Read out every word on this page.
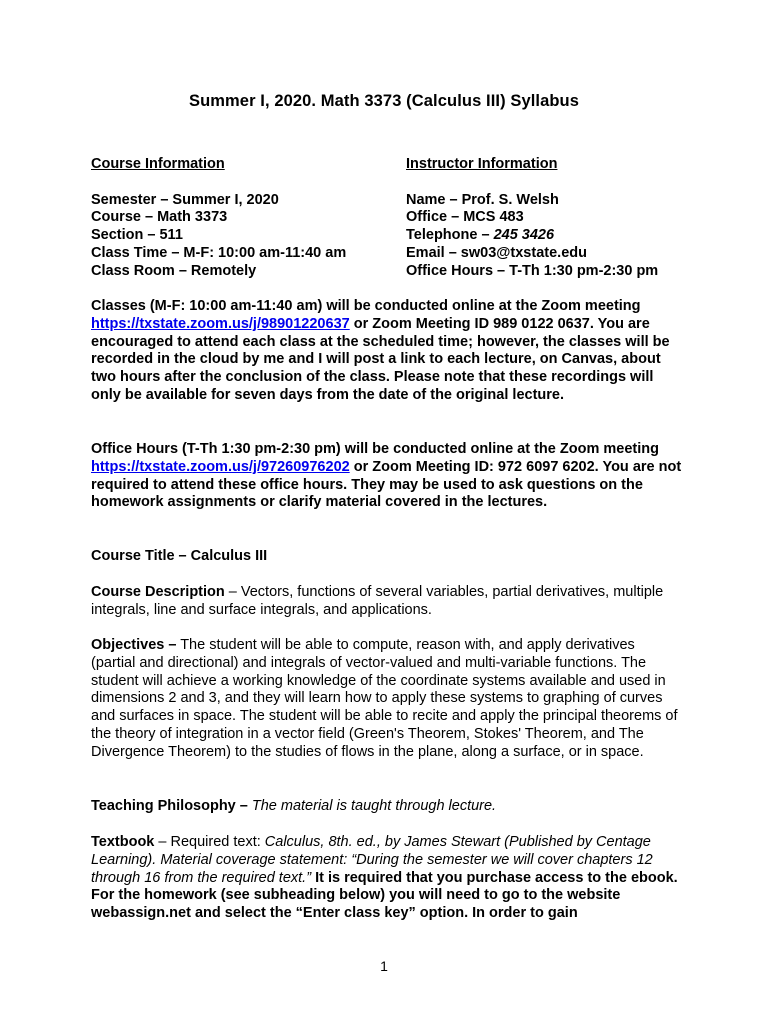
Summer I, 2020. Math 3373 (Calculus III) Syllabus
Course Information
Semester – Summer I, 2020
Course – Math 3373
Section – 511
Class Time – M-F: 10:00 am-11:40 am
Class Room – Remotely
Instructor Information
Name – Prof. S. Welsh
Office – MCS 483
Telephone – 245 3426
Email – sw03@txstate.edu
Office Hours – T-Th 1:30 pm-2:30 pm
Classes (M-F: 10:00 am-11:40 am) will be conducted online at the Zoom meeting
https://txstate.zoom.us/j/98901220637 or Zoom Meeting ID 989 0122 0637. You are encouraged to attend each class at the scheduled time; however, the classes will be recorded in the cloud by me and I will post a link to each lecture, on Canvas, about two hours after the conclusion of the class. Please note that these recordings will only be available for seven days from the date of the original lecture.
Office Hours (T-Th 1:30 pm-2:30 pm) will be conducted online at the Zoom meeting https://txstate.zoom.us/j/97260976202 or Zoom Meeting ID: 972 6097 6202. You are not required to attend these office hours. They may be used to ask questions on the homework assignments or clarify material covered in the lectures.
Course Title – Calculus III
Course Description – Vectors, functions of several variables, partial derivatives, multiple integrals, line and surface integrals, and applications.
Objectives – The student will be able to compute, reason with, and apply derivatives (partial and directional) and integrals of vector-valued and multi-variable functions. The student will achieve a working knowledge of the coordinate systems available and used in dimensions 2 and 3, and they will learn how to apply these systems to graphing of curves and surfaces in space. The student will be able to recite and apply the principal theorems of the theory of integration in a vector field (Green's Theorem, Stokes' Theorem, and The Divergence Theorem) to the studies of flows in the plane, along a surface, or in space.
Teaching Philosophy – The material is taught through lecture.
Textbook – Required text: Calculus, 8th. ed., by James Stewart (Published by Centage Learning). Material coverage statement: “During the semester we will cover chapters 12 through 16 from the required text.” It is required that you purchase access to the ebook. For the homework (see subheading below) you will need to go to the website webassign.net and select the “Enter class key” option. In order to gain
1
